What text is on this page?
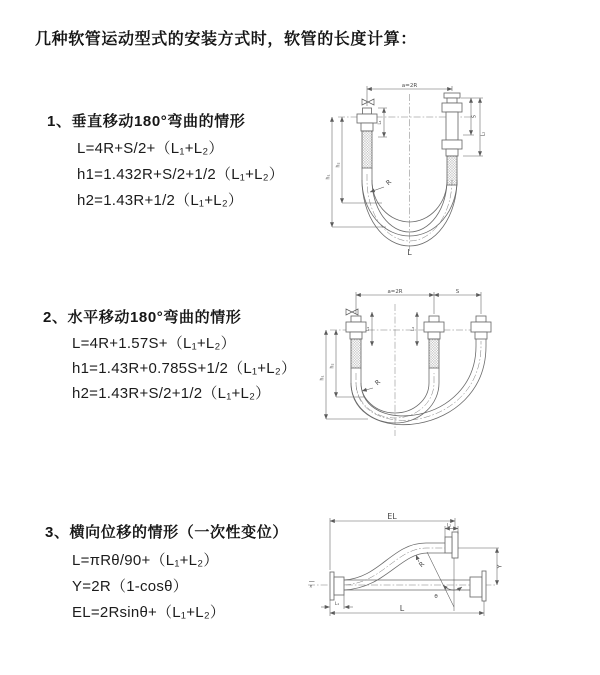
几种软管运动型式的安装方式时，软管的长度计算：
1、垂直移动180°弯曲的情形
L=4R+S/2+（L₁+L₂）
h1=1.432R+S/2+1/2（L₁+L₂）
h2=1.43R+1/2（L₁+L₂）
2、水平移动180°弯曲的情形
L=4R+1.57S+（L₁+L₂）
h1=1.43R+0.785S+1/2（L₁+L₂）
h2=1.43R+S/2+1/2（L₁+L₂）
3、横向位移的情形（一次性变位）
L=πRθ/90+（L₁+L₂）
Y=2R（1-cosθ）
EL=2Rsinθ+（L₁+L₂）
a=2R
h₁
h₂
L₁
S
L₂
R
L
a=2R	S
L₁	L₂
h₁
h₂
R
x
θ
R
EL
L₂
Y
L
L₁
